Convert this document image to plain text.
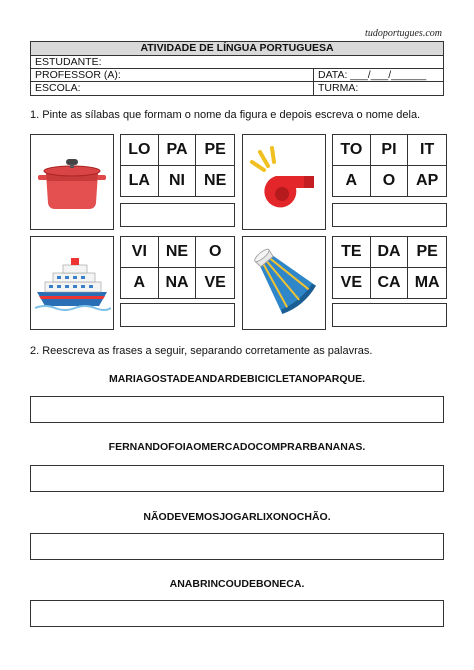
tudoportugues.com
ATIVIDADE DE LÍNGUA PORTUGUESA
ESTUDANTE:
PROFESSOR (A):	DATA: ___/___/______
ESCOLA:	TURMA:
1. Pinte as sílabas que formam o nome da figura e depois escreva o nome dela.
LO	PA	PE
LA	NI	NE
TO	PI	IT
A	O	AP
VI	NE	O
A	NA VE
TE DA PE
VE CA MA
2. Reescreva as frases a seguir, separando corretamente as palavras.
MARIAGOSTADEANDARDEBICICLETANOPARQUE.
FERNANDOFOIAOMERCADOCOMPRARBANANAS.
NÃODEVEMOSJOGARLIXONOCHÃO.
ANABRINCOUDEBONECA.
